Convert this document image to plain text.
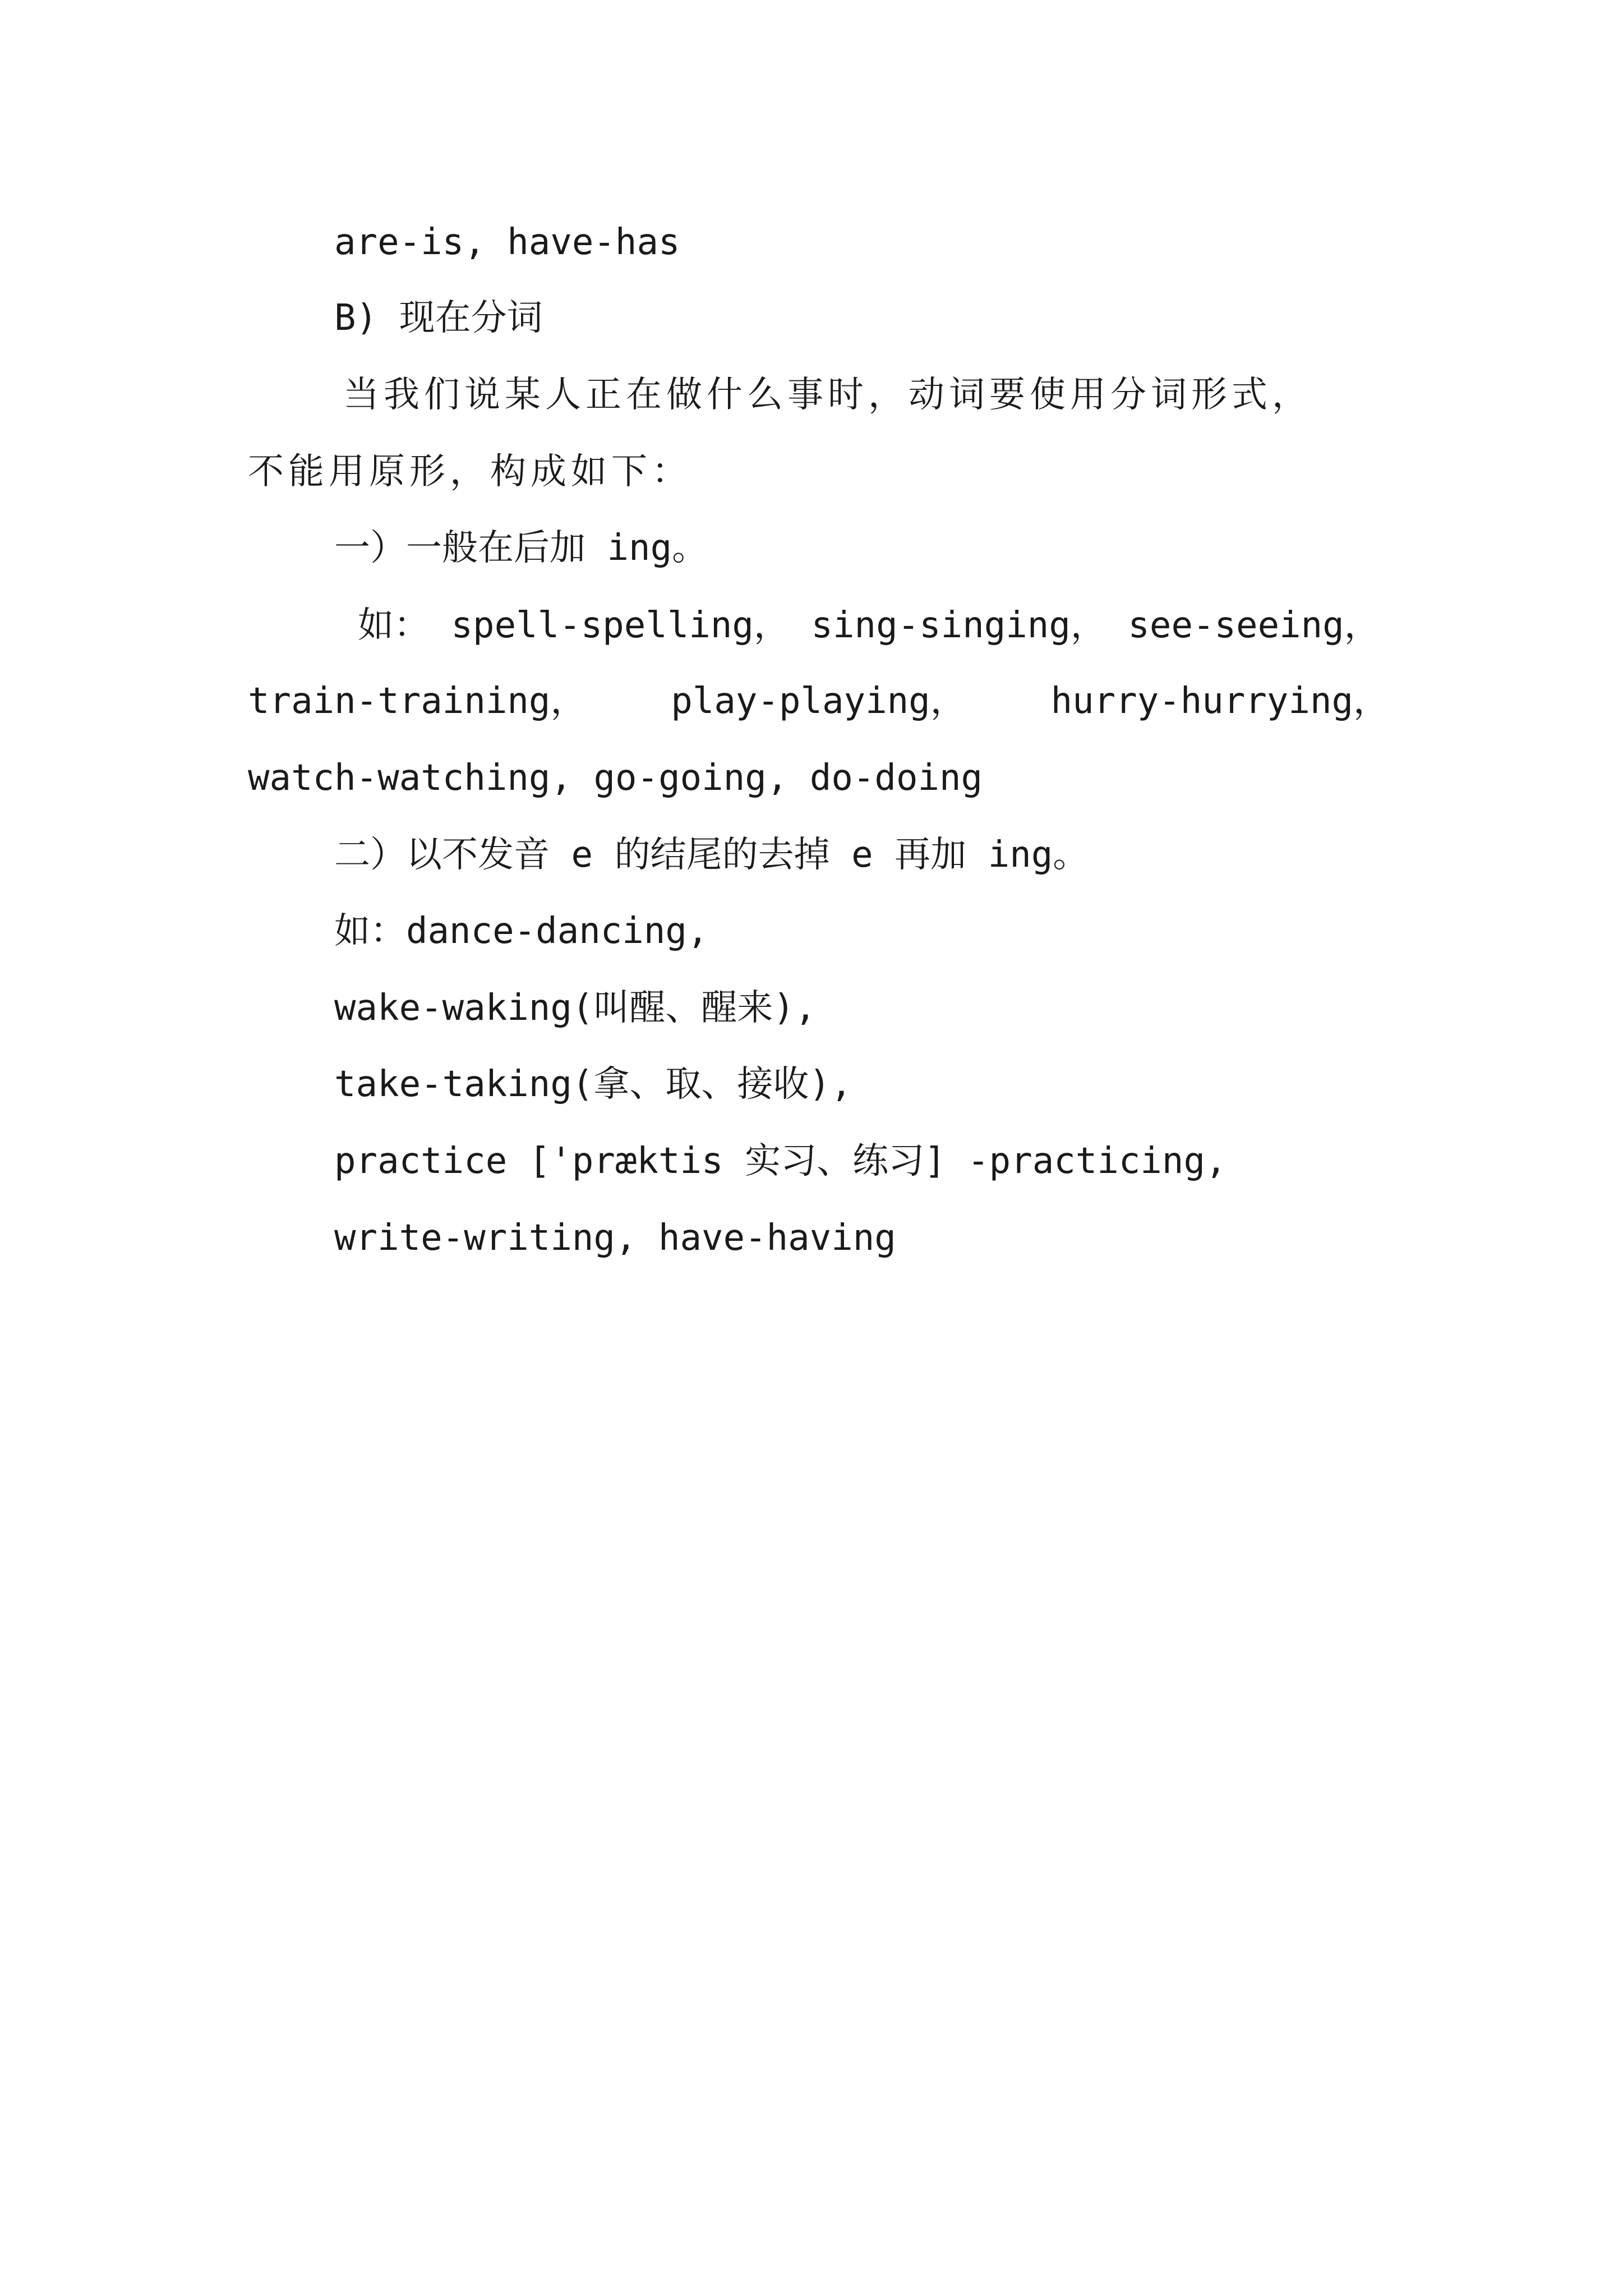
are-is, have-has
B) 现在分词
当我们说某人正在做什么事时，动词要使用分词形式，
不能用原形，构成如下：
一）一般在后加 ing。
如： spell-spelling， sing-singing， see-seeing，
train-training， play-playing， hurry-hurrying，
watch-watching, go-going, do-doing
二）以不发音 e 的结尾的去掉 e 再加 ing。
如：dance-dancing,
wake-waking(叫醒、醒来),
take-taking(拿、取、接收),
practice ['præktis 实习、练习] -practicing,
write-writing, have-having
